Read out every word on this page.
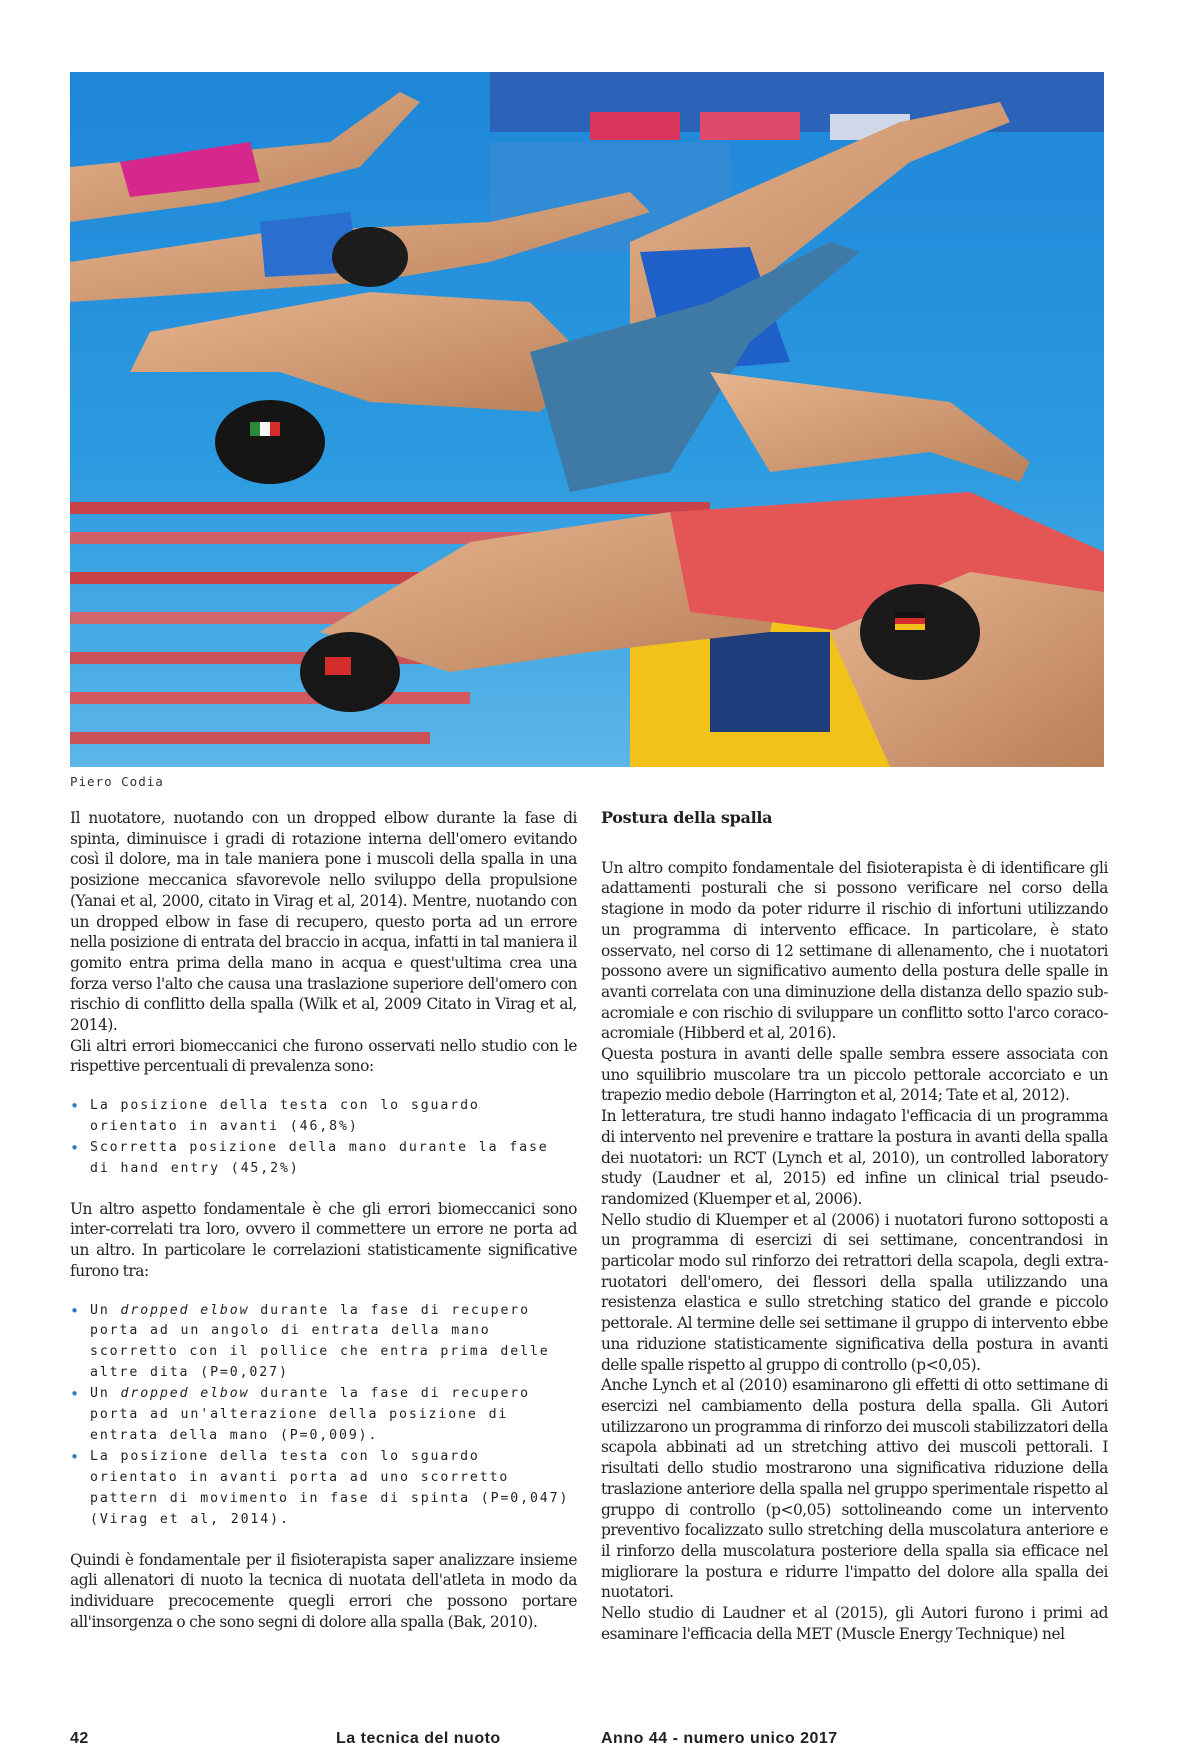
Piero Codia

Il nuotatore, nuotando con un dropped elbow durante la fase di spinta, diminuisce i gradi di rotazione interna dell'omero evitando così il dolore, ma in tale maniera pone i muscoli della spalla in una posizione meccanica sfavorevole nello sviluppo della propulsione (Yanai et al, 2000, citato in Virag et al, 2014). Mentre, nuotando con un dropped elbow in fase di recupero, questo porta ad un errore nella posizione di entrata del braccio in acqua, infatti in tal maniera il gomito entra prima della mano in acqua e quest'ultima crea una forza verso l'alto che causa una traslazione superiore dell'omero con rischio di conflitto della spalla (Wilk et al, 2009 Citato in Virag et al, 2014).

Gli altri errori biomeccanici che furono osservati nello studio con le rispettive percentuali di prevalenza sono:

• La posizione della testa con lo sguardo orientato in avanti (46,8%)
• Scorretta posizione della mano durante la fase di hand entry (45,2%)

Un altro aspetto fondamentale è che gli errori biomeccanici sono inter-correlati tra loro, ovvero il commettere un errore ne porta ad un altro. In particolare le correlazioni statisticamente significative furono tra:

• Un dropped elbow durante la fase di recupero porta ad un angolo di entrata della mano scorretto con il pollice che entra prima delle altre dita (P=0,027)
• Un dropped elbow durante la fase di recupero porta ad un'alterazione della posizione di entrata della mano (P=0,009).
• La posizione della testa con lo sguardo orientato in avanti porta ad uno scorretto pattern di movimento in fase di spinta (P=0,047) (Virag et al, 2014).

Quindi è fondamentale per il fisioterapista saper analizzare insieme agli allenatori di nuoto la tecnica di nuotata dell'atleta in modo da individuare precocemente quegli errori che possono portare all'insorgenza o che sono segni di dolore alla spalla (Bak, 2010).

Postura della spalla

Un altro compito fondamentale del fisioterapista è di identificare gli adattamenti posturali che si possono verificare nel corso della stagione in modo da poter ridurre il rischio di infortuni utilizzando un programma di intervento efficace. In particolare, è stato osservato, nel corso di 12 settimane di allenamento, che i nuotatori possono avere un significativo aumento della postura delle spalle in avanti correlata con una diminuzione della distanza dello spazio sub-acromiale e con rischio di sviluppare un conflitto sotto l'arco coraco-acromiale (Hibberd et al, 2016).

Questa postura in avanti delle spalle sembra essere associata con uno squilibrio muscolare tra un piccolo pettorale accorciato e un trapezio medio debole (Harrington et al, 2014; Tate et al, 2012).

In letteratura, tre studi hanno indagato l'efficacia di un programma di intervento nel prevenire e trattare la postura in avanti della spalla dei nuotatori: un RCT (Lynch et al, 2010), un controlled laboratory study (Laudner et al, 2015) ed infine un clinical trial pseudo-randomized (Kluemper et al, 2006).

Nello studio di Kluemper et al (2006) i nuotatori furono sottoposti a un programma di esercizi di sei settimane, concentrandosi in particolar modo sul rinforzo dei retrattori della scapola, degli extra-ruotatori dell'omero, dei flessori della spalla utilizzando una resistenza elastica e sullo stretching statico del grande e piccolo pettorale. Al termine delle sei settimane il gruppo di intervento ebbe una riduzione statisticamente significativa della postura in avanti delle spalle rispetto al gruppo di controllo (p<0,05).

Anche Lynch et al (2010) esaminarono gli effetti di otto settimane di esercizi nel cambiamento della postura della spalla. Gli Autori utilizzarono un programma di rinforzo dei muscoli stabilizzatori della scapola abbinati ad un stretching attivo dei muscoli pettorali. I risultati dello studio mostrarono una significativa riduzione della traslazione anteriore della spalla nel gruppo sperimentale rispetto al gruppo di controllo (p<0,05) sottolineando come un intervento preventivo focalizzato sullo stretching della muscolatura anteriore e il rinforzo della muscolatura posteriore della spalla sia efficace nel migliorare la postura e ridurre l'impatto del dolore alla spalla dei nuotatori.

Nello studio di Laudner et al (2015), gli Autori furono i primi ad esaminare l'efficacia della MET (Muscle Energy Technique) nel

42	La tecnica del nuoto	Anno 44 - numero unico 2017
